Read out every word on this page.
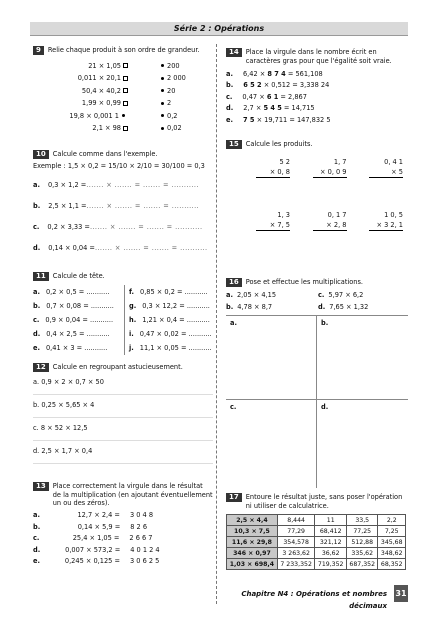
Série 2 : Opérations
9	Relie chaque produit à son ordre de grandeur.
21 × 1,05
0,011 × 20,1
50,4 × 40,2
1,99 × 0,99
19,8 × 0,001 1
2,1 × 98
200
2 000
20
2
0,2
0,02
10	Calcule comme dans l'exemple.
Exemple : 1,5 × 0,2 = 15/10 × 2/10 = 30/100 = 0,3
a. 0,3 × 1,2 = ....... × ....... = ....... = ...........
b. 2,5 × 1,1 = ....... × ....... = ....... = ...........
c. 0,2 × 3,33 = ....... × ....... = ....... = ...........
d. 0,14 × 0,04 = ....... × ....... = ....... = ...........
11	Calcule de tête.
a. 0,2 × 0,5 = ...........
b. 0,7 × 0,08 = ...........
c. 0,9 × 0,04 = ...........
d. 0,4 × 2,5 = ...........
e. 0,41 × 3 = ...........
f. 0,85 × 0,2 = ...........
g. 0,3 × 12,2 = ...........
h. 1,21 × 0,4 = ...........
i. 0,47 × 0,02 = ...........
j. 11,1 × 0,05 = ...........
12	Calcule en regroupant astucieusement.
a. 0,9 × 2 × 0,7 × 50
b. 0,25 × 5,65 × 4
c. 8 × 52 × 12,5
d. 2,5 × 1,7 × 0,4
13	Place correctement la virgule dans le résultat de la multiplication (en ajoutant éventuellement un ou des zéros).
a.	12,7 × 2,4 = 3 0 4 8
b.	0,14 × 5,9 = 8 2 6
c.	25,4 × 1,05 = 2 6 6 7
d.	0,007 × 573,2 = 4 0 1 2 4
e.	0,245 × 0,125 = 3 0 6 2 5
14	Place la virgule dans le nombre écrit en caractères gras pour que l'égalité soit vraie.
a. 6,42 × 8 7 4 = 561,108
b. 6 5 2 × 0,512 = 3,338 24
c. 0,47 × 6 1 = 2,867
d. 2,7 × 5 4 5 = 14,715
e. 7 5 × 19,711 = 147,832 5
15	Calcule les produits.
5 2
× 0, 8
1, 7
× 0, 0 9
0, 4 1
× 5
1, 3
× 7, 5
0, 1 7
× 2, 8
1 0, 5
× 3 2, 1
16	Pose et effectue les multiplications.
a. 2,05 × 4,15	c. 5,97 × 6,2
b. 4,78 × 8,7	d. 7,65 × 1,32
a.	b.
c.	d.
17	Entoure le résultat juste, sans poser l'opération ni utiliser de calculatrice.
2,5 × 4,4	8,444	11	33,5	2,2
10,3 × 7,5	77,29	68,412	77,25	7,25
11,6 × 29,8	354,578	321,12	512,88	345,68
346 × 0,97	3 263,62	36,62	335,62	348,62
1,03 × 698,4	7 233,352	719,352	687,352	68,352
Chapitre N4 : Opérations et nombres décimaux
31
